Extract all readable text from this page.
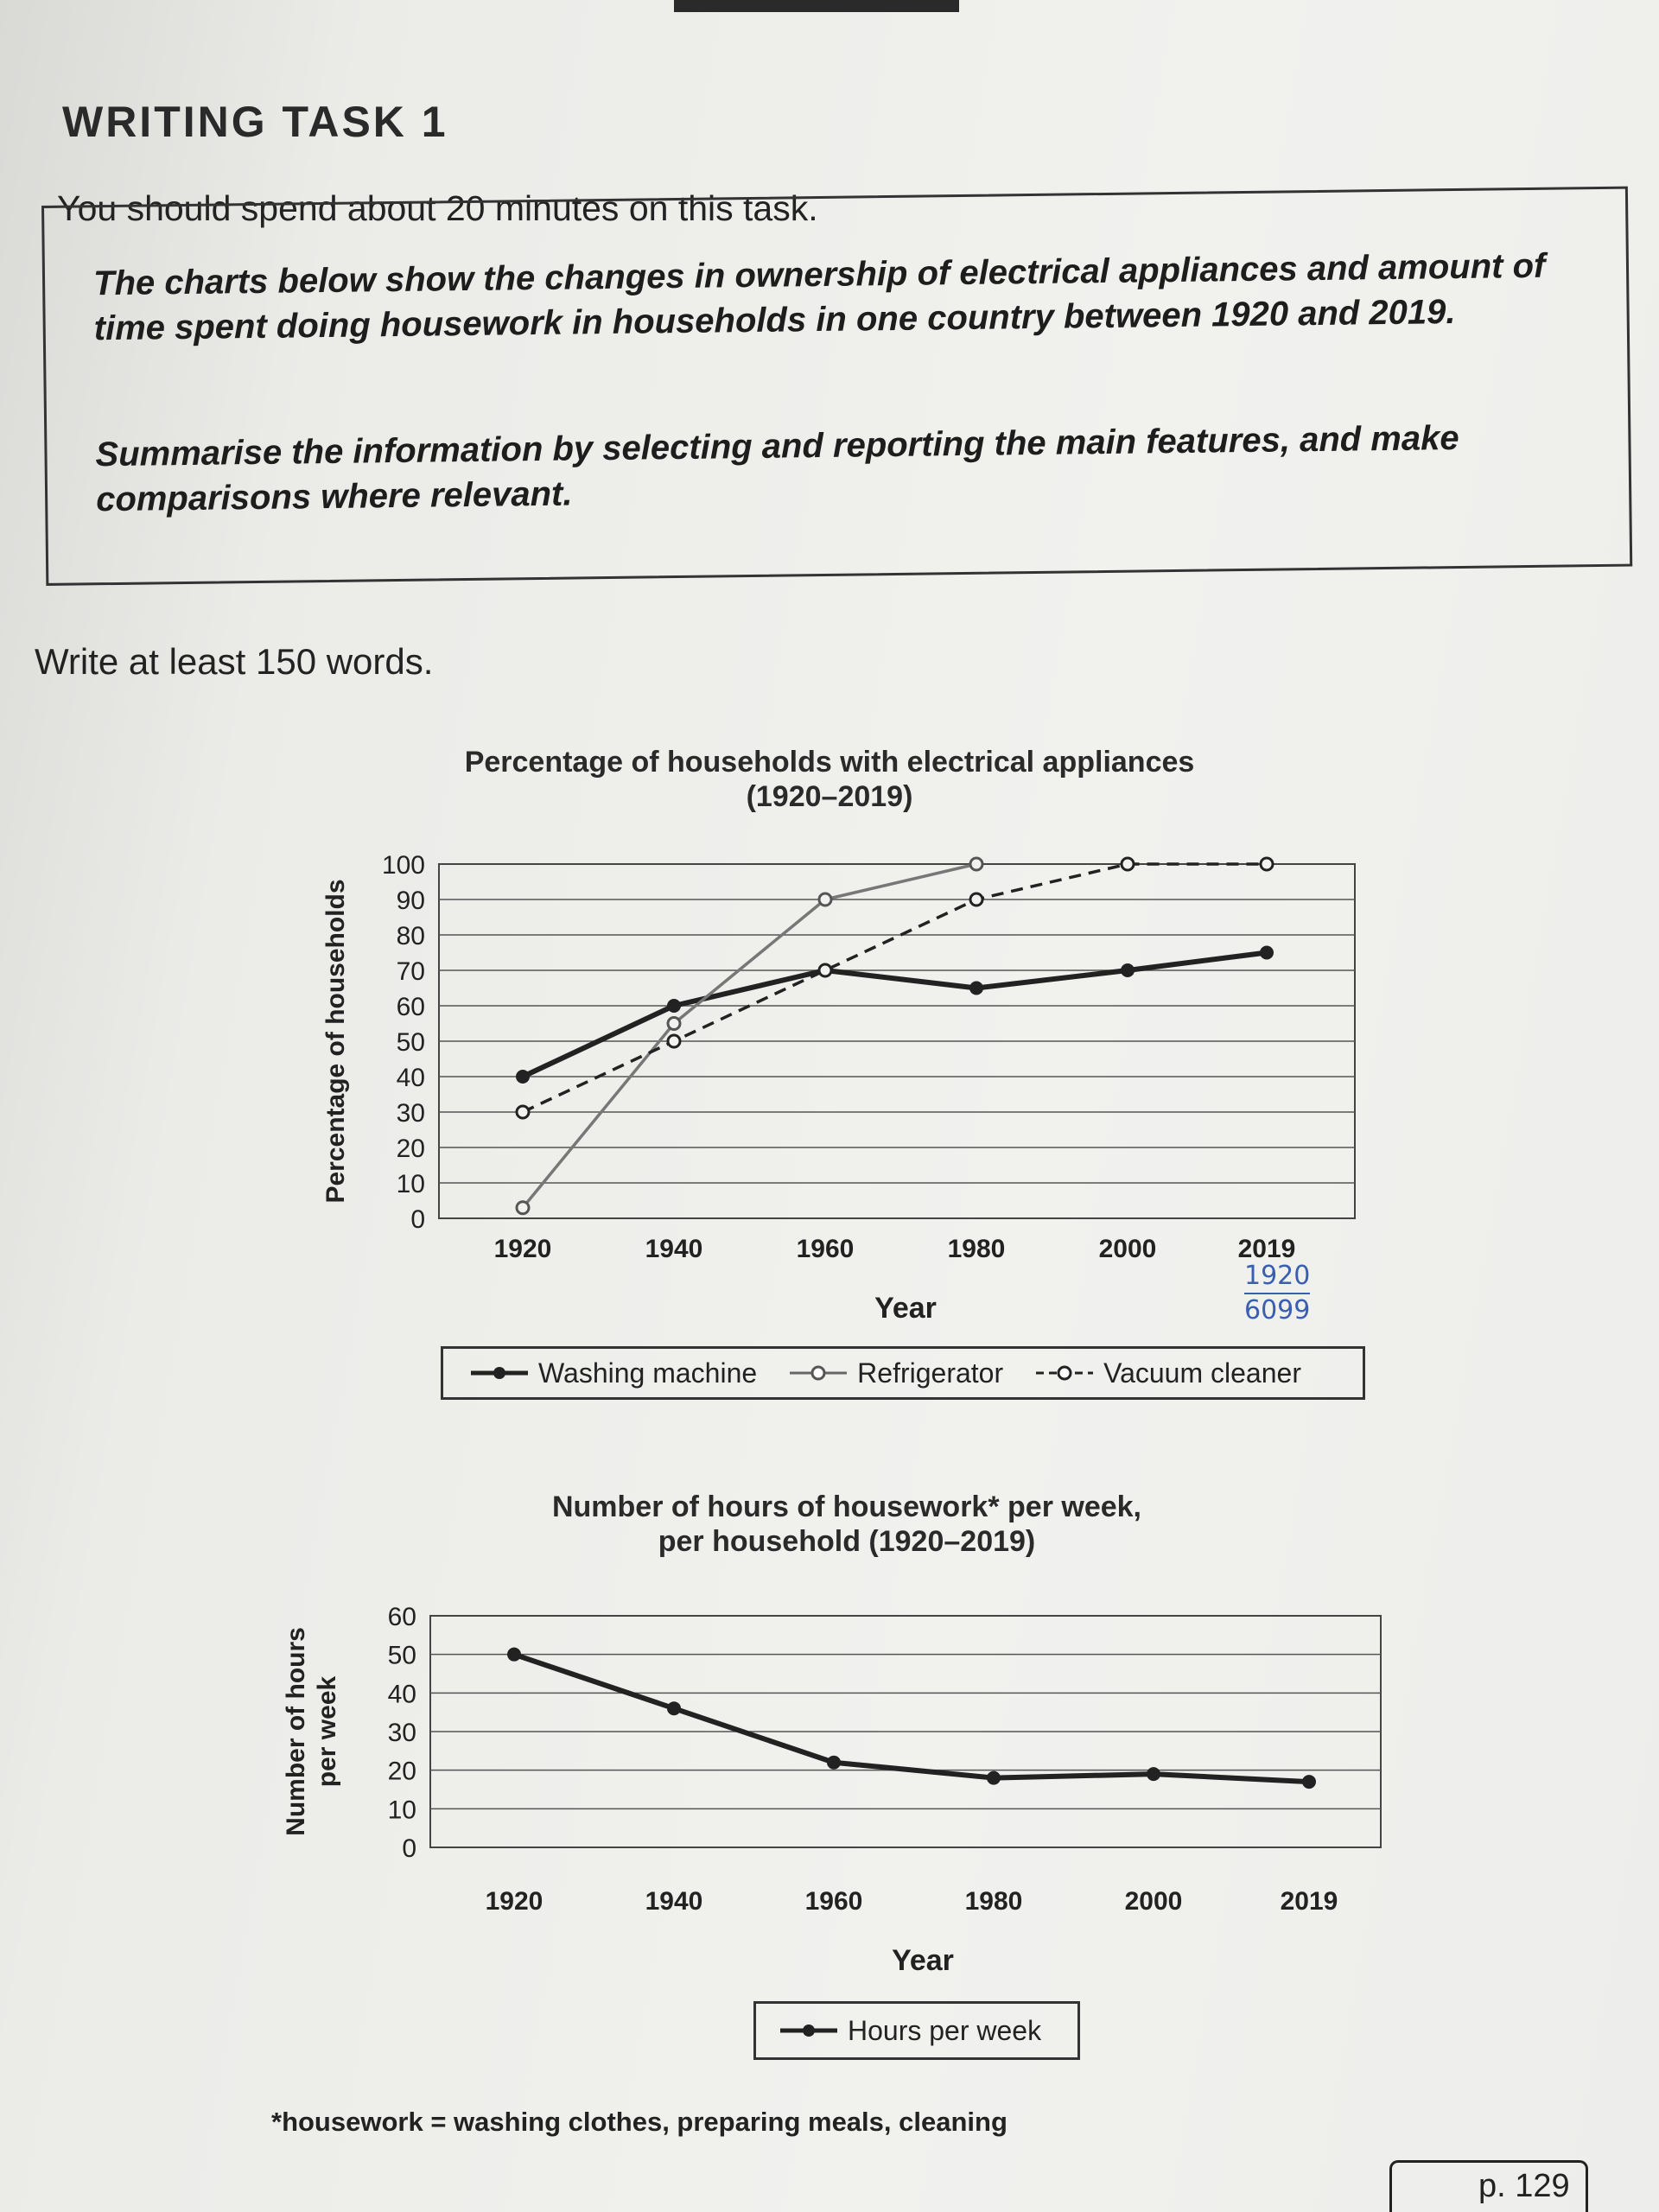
WRITING TASK 1
You should spend about 20 minutes on this task.
The charts below show the changes in ownership of electrical appliances and amount of time spent doing housework in households in one country between 1920 and 2019.
Summarise the information by selecting and reporting the main features, and make comparisons where relevant.
Write at least 150 words.
Percentage of households with electrical appliances
(1920–2019)
Number of hours of housework* per week,
per household (1920–2019)
0
10
20
30
40
50
60
70
80
90
100
1920	1940	1960	1980	2000	2019
Year
Percentage of households
0
10
20
30
40
50
60
1920	1940	1960	1980	2000	2019
Year
Number of hours per week
Washing machine	Refrigerator	Vacuum cleaner
Hours per week
1920
6099
*housework = washing clothes, preparing meals, cleaning
p. 129
